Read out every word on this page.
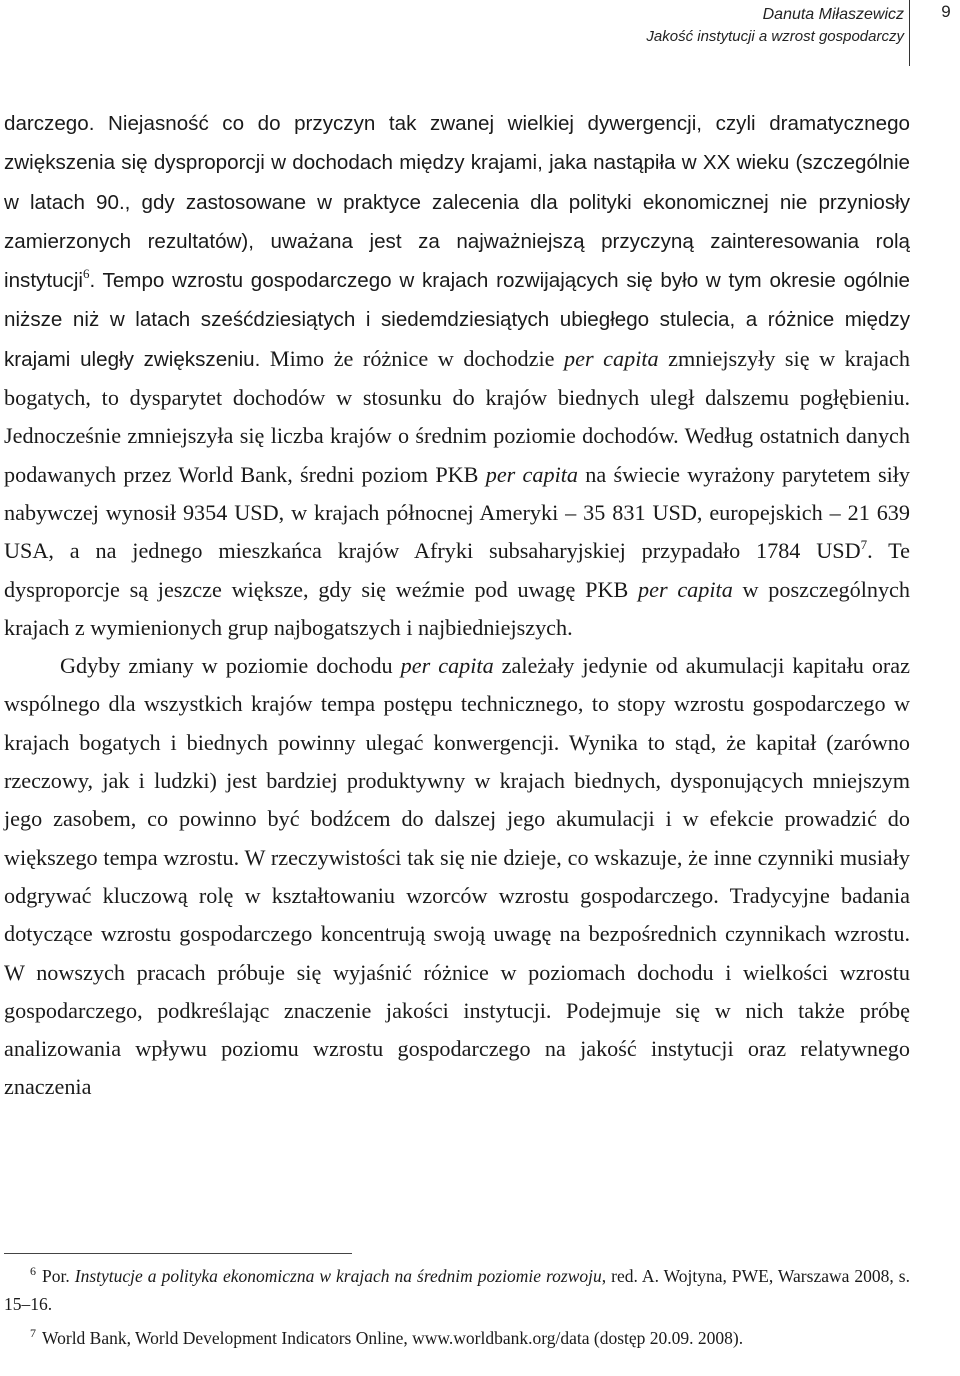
Danuta Miłaszewicz
Jakość instytucji a wzrost gospodarczy
9

darczego. Niejasność co do przyczyn tak zwanej wielkiej dywergencji, czyli dramatycznego zwiększenia się dysproporcji w dochodach między krajami, jaka nastąpiła w XX wieku (szczególnie w latach 90., gdy zastosowane w praktyce zalecenia dla polityki ekonomicznej nie przyniosły zamierzonych rezultatów), uważana jest za najważniejszą przyczyną zainteresowania rolą instytucji$^6$. Tempo wzrostu gospodarczego w krajach rozwijających się było w tym okresie ogólnie niższe niż w latach sześćdziesiątych i siedemdziesiątych ubiegłego stulecia, a różnice między krajami uległy zwiększeniu. Mimo że różnice w dochodzie per capita zmniejszyły się w krajach bogatych, to dysparytet dochodów w stosunku do krajów biednych uległ dalszemu pogłębieniu. Jednocześnie zmniejszyła się liczba krajów o średnim poziomie dochodów. Według ostatnich danych podawanych przez World Bank, średni poziom PKB per capita na świecie wyrażony parytetem siły nabywczej wynosił 9354 USD, w krajach północnej Ameryki – 35 831 USD, europejskich – 21 639 USA, a na jednego mieszkańca krajów Afryki subsaharyjskiej przypadało 1784 USD$^7$. Te dysproporcje są jeszcze większe, gdy się weźmie pod uwagę PKB per capita w poszczególnych krajach z wymienionych grup najbogatszych i najbiedniejszych.

Gdyby zmiany w poziomie dochodu per capita zależały jedynie od akumulacji kapitału oraz wspólnego dla wszystkich krajów tempa postępu technicznego, to stopy wzrostu gospodarczego w krajach bogatych i biednych powinny ulegać konwergencji. Wynika to stąd, że kapitał (zarówno rzeczowy, jak i ludzki) jest bardziej produktywny w krajach biednych, dysponujących mniejszym jego zasobem, co powinno być bodźcem do dalszej jego akumulacji i w efekcie prowadzić do większego tempa wzrostu. W rzeczywistości tak się nie dzieje, co wskazuje, że inne czynniki musiały odgrywać kluczową rolę w kształtowaniu wzorców wzrostu gospodarczego. Tradycyjne badania dotyczące wzrostu gospodarczego koncentrują swoją uwagę na bezpośrednich czynnikach wzrostu. W nowszych pracach próbuje się wyjaśnić różnice w poziomach dochodu i wielkości wzrostu gospodarczego, podkreślając znaczenie jakości instytucji. Podejmuje się w nich także próbę analizowania wpływu poziomu wzrostu gospodarczego na jakość instytucji oraz relatywnego znaczenia

$^6$ Por. Instytucje a polityka ekonomiczna w krajach na średnim poziomie rozwoju, red. A. Wojtyna, PWE, Warszawa 2008, s. 15–16.

$^7$ World Bank, World Development Indicators Online, www.worldbank.org/data (dostęp 20.09. 2008).
